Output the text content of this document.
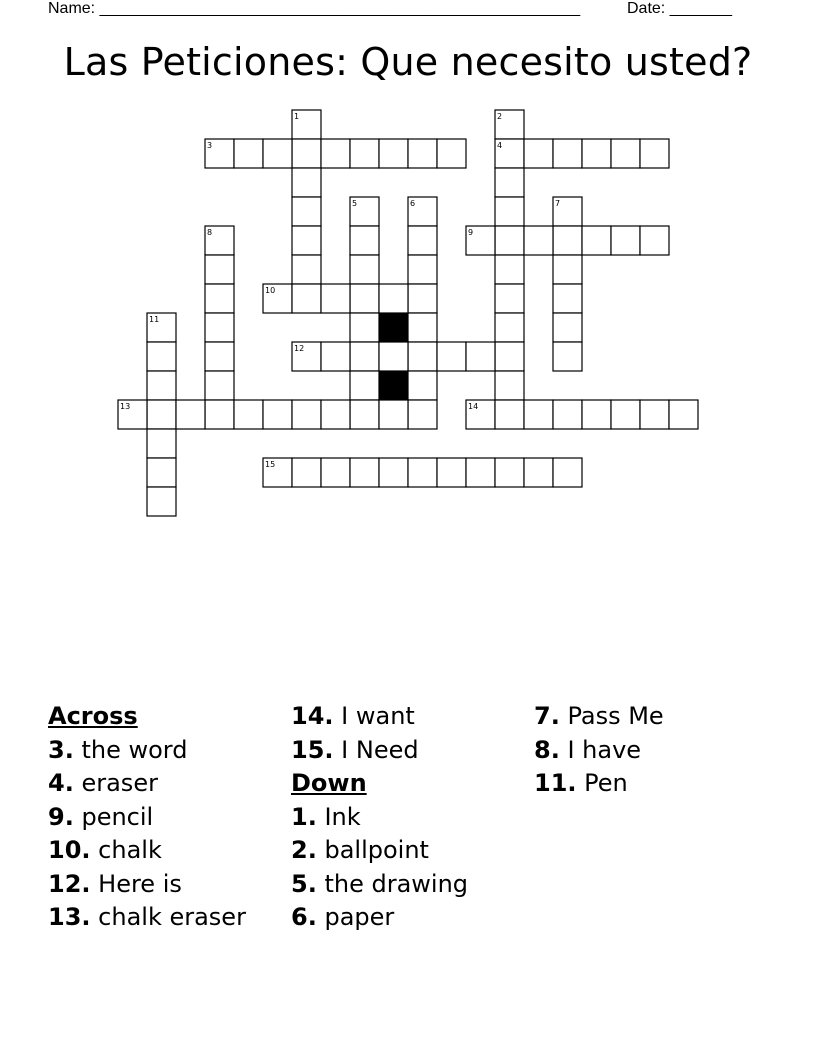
Name: ______________________________________________________	Date: _______
Las Peticiones: Que necesito usted?
1	2
3	4
5	6	7
8	9
10
11
12
13	14
15
Across
3. the word
4. eraser
9. pencil
10. chalk
12. Here is
13. chalk eraser
14. I want
15. I Need
Down
1. Ink
2. ballpoint
5. the drawing
6. paper
7. Pass Me
8. I have
11. Pen
